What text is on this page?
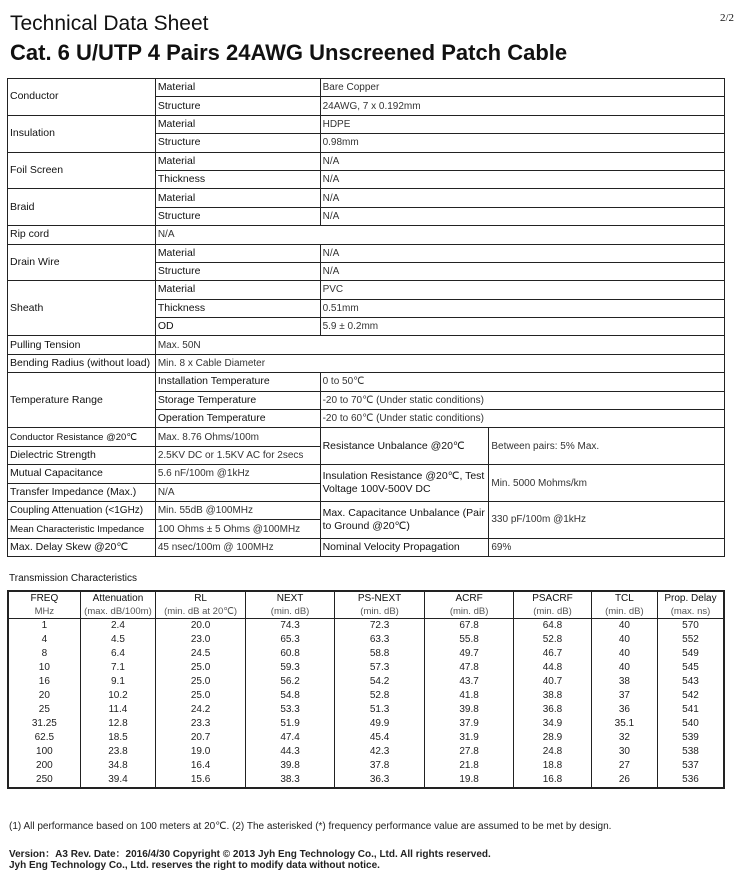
2/2
Technical Data Sheet
Cat. 6 U/UTP 4 Pairs 24AWG Unscreened Patch Cable
Conductor	Material	Bare Copper	
	Structure	24AWG, 7 x 0.192mm	
Insulation	Material	HDPE	
	Structure	0.98mm	
Foil Screen	Material	N/A	
	Thickness	N/A	
Braid	Material	N/A	
	Structure	N/A	
Rip cord	N/A		
Drain Wire	Material	N/A	
	Structure	N/A	
Sheath	Material	PVC	
	Thickness	0.51mm	
	OD	5.9 ± 0.2mm	
Pulling Tension	Max. 50N		
Bending Radius (without load)	Min. 8 x Cable Diameter		
Temperature Range	Installation Temperature	0 to 50℃	
	Storage Temperature	-20 to 70℃ (Under static conditions)	
	Operation Temperature	-20 to 60℃ (Under static conditions)	
Conductor Resistance @20℃	Max. 8.76 Ohms/100m	Resistance Unbalance @20℃	Between pairs: 5% Max.
Dielectric Strength	2.5KV DC or 1.5KV AC for 2secs		
Mutual Capacitance	5.6 nF/100m @1kHz	Insulation Resistance @20℃, Test Voltage 100V-500V DC	Min. 5000 Mohms/km
Transfer Impedance (Max.)	N/A		
Coupling Attenuation (<1GHz)	Min. 55dB @100MHz	Max. Capacitance Unbalance (Pair to Ground @20℃)	330 pF/100m @1kHz
Mean Characteristic Impedance	100 Ohms ± 5 Ohms @100MHz		
Max. Delay Skew @20℃	45 nsec/100m @ 100MHz	Nominal Velocity Propagation	69%
Transmission Characteristics
FREQ	Attenuation	RL	NEXT	PS-NEXT	ACRF	PSACRF	TCL	Prop. Delay
MHz	(max. dB/100m)	(min. dB at 20℃)	(min. dB)	(min. dB)	(min. dB)	(min. dB)	(min. dB)	(max. ns)
1	2.4	20.0	74.3	72.3	67.8	64.8	40	570
4	4.5	23.0	65.3	63.3	55.8	52.8	40	552
8	6.4	24.5	60.8	58.8	49.7	46.7	40	549
10	7.1	25.0	59.3	57.3	47.8	44.8	40	545
16	9.1	25.0	56.2	54.2	43.7	40.7	38	543
20	10.2	25.0	54.8	52.8	41.8	38.8	37	542
25	11.4	24.2	53.3	51.3	39.8	36.8	36	541
31.25	12.8	23.3	51.9	49.9	37.9	34.9	35.1	540
62.5	18.5	20.7	47.4	45.4	31.9	28.9	32	539
100	23.8	19.0	44.3	42.3	27.8	24.8	30	538
200	34.8	16.4	39.8	37.8	21.8	18.8	27	537
250	39.4	15.6	38.3	36.3	19.8	16.8	26	536
(1) All performance based on 100 meters at 20℃. (2) The asterisked (*) frequency performance value are assumed to be met by design.
Version：A3 Rev. Date：2016/4/30 Copyright © 2013 Jyh Eng Technology Co., Ltd. All rights reserved.
Jyh Eng Technology Co., Ltd. reserves the right to modify data without notice.
